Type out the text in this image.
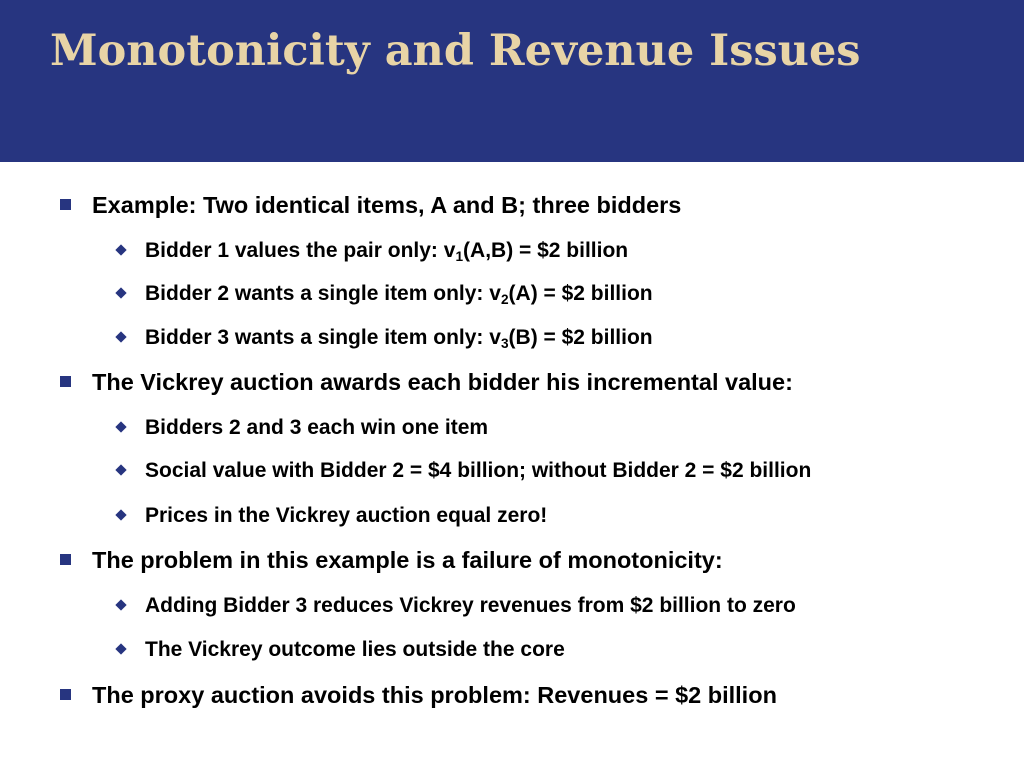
Monotonicity and Revenue Issues
Example: Two identical items, A and B; three bidders
Bidder 1 values the pair only: $v_1(A,B)$ = $2 billion
Bidder 2 wants a single item only: $v_2(A)$ = $2 billion
Bidder 3 wants a single item only: $v_3(B)$ = $2 billion
The Vickrey auction awards each bidder his incremental value:
Bidders 2 and 3 each win one item
Social value with Bidder 2 = $4 billion; without Bidder 2 = $2 billion
Prices in the Vickrey auction equal zero!
The problem in this example is a failure of monotonicity:
Adding Bidder 3 reduces Vickrey revenues from $2 billion to zero
The Vickrey outcome lies outside the core
The proxy auction avoids this problem: Revenues = $2 billion
